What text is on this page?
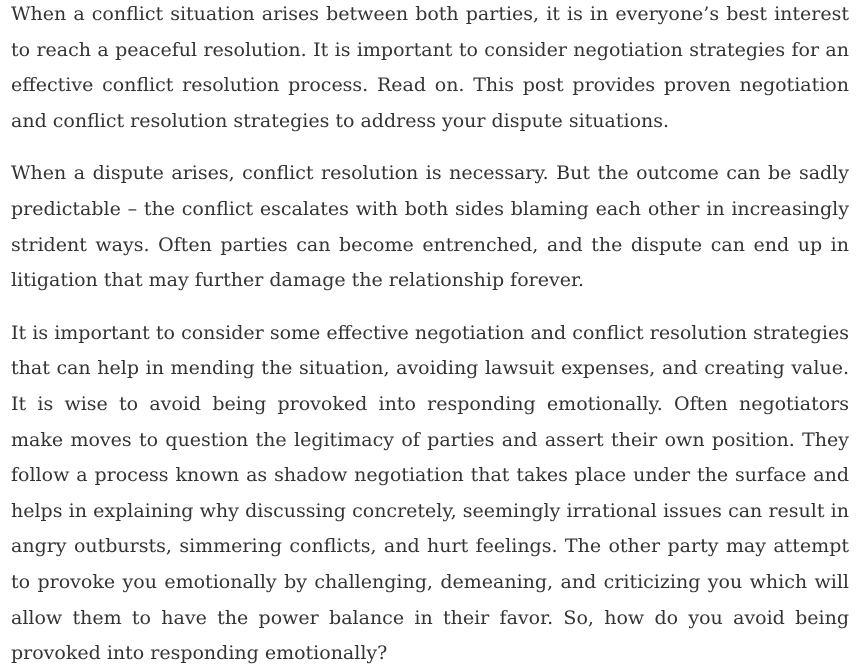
When a conflict situation arises between both parties, it is in everyone’s best interest to reach a peaceful resolution. It is important to consider negotiation strategies for an effective conflict resolution process. Read on. This post provides proven negotiation and conflict resolution strategies to address your dispute situations.

When a dispute arises, conflict resolution is necessary. But the outcome can be sadly predictable – the conflict escalates with both sides blaming each other in increasingly strident ways. Often parties can become entrenched, and the dispute can end up in litigation that may further damage the relationship forever.

It is important to consider some effective negotiation and conflict resolution strategies that can help in mending the situation, avoiding lawsuit expenses, and creating value. It is wise to avoid being provoked into responding emotionally. Often negotiators make moves to question the legitimacy of parties and assert their own position. They follow a process known as shadow negotiation that takes place under the surface and helps in explaining why discussing concretely, seemingly irrational issues can result in angry outbursts, simmering conflicts, and hurt feelings. The other party may attempt to provoke you emotionally by challenging, demeaning, and criticizing you which will allow them to have the power balance in their favor. So, how do you avoid being provoked into responding emotionally?
